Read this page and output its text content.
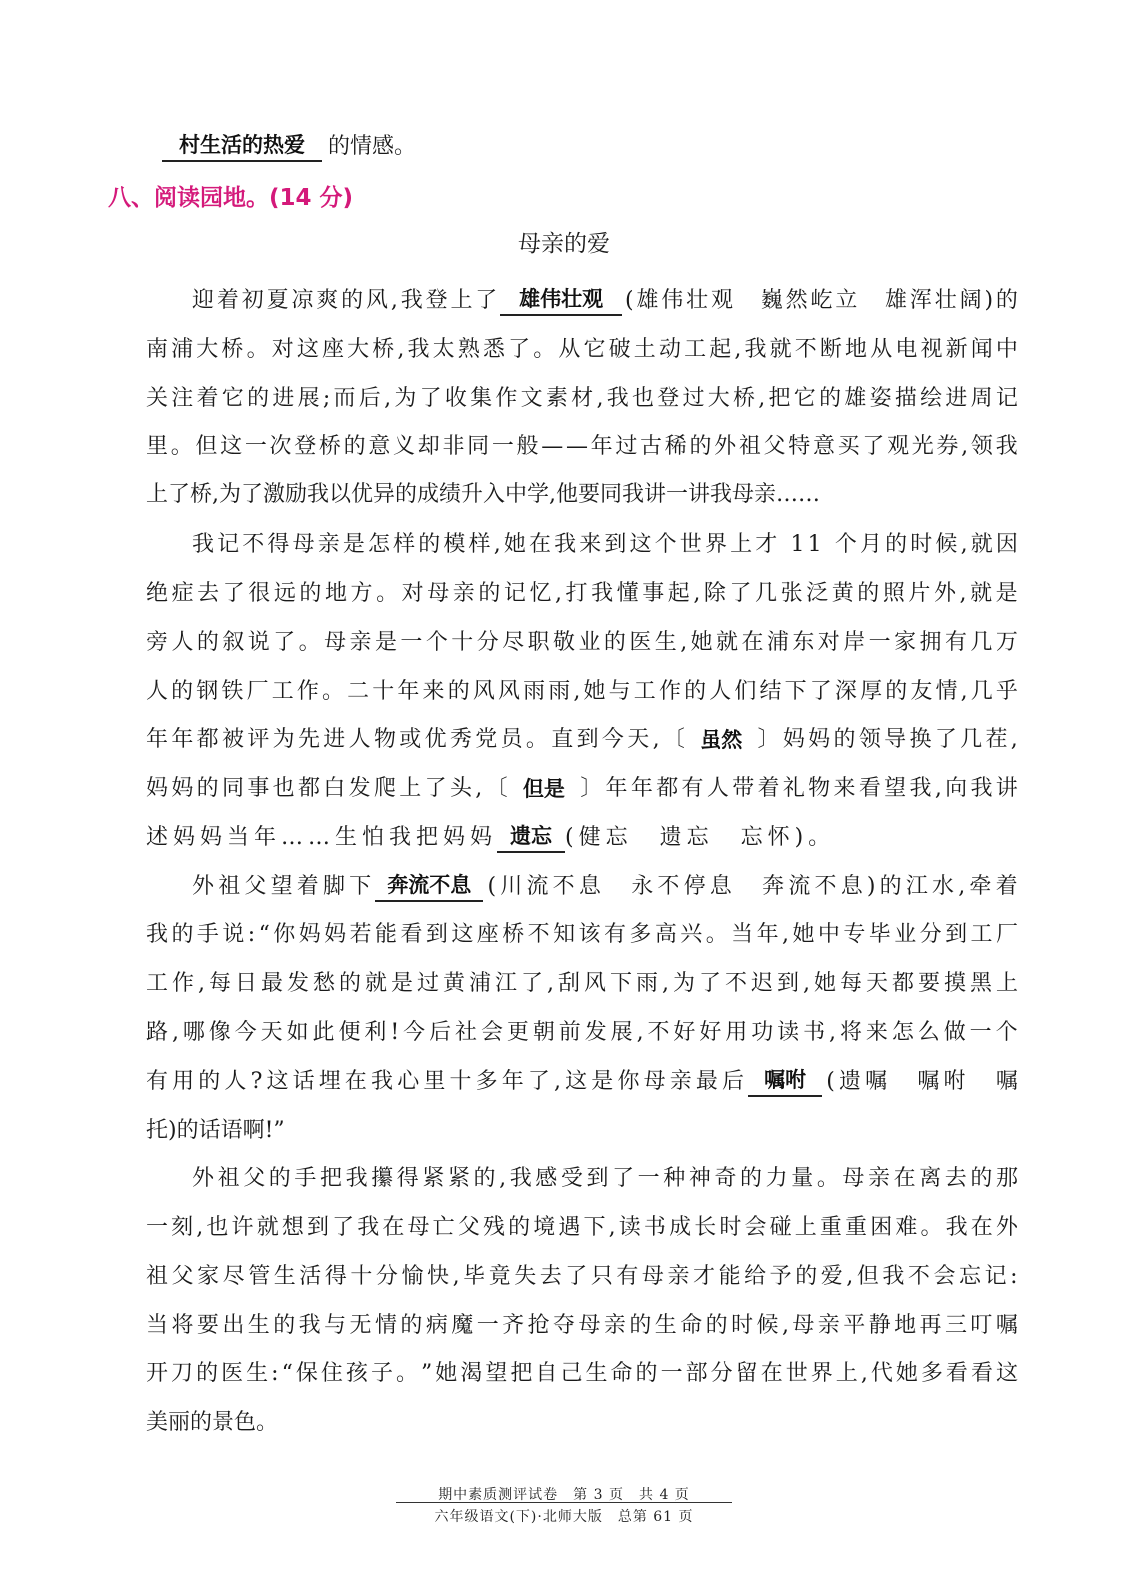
村生活的热爱	的情感。
八、阅读园地。(14 分)
母亲的爱
迎 着 初 夏 凉 爽 的 风 , 我 登 上 了	雄伟壮观 ( 雄 伟 壮 观
　 巍 然 屹 立
　 雄 浑 壮 阔 ) 的
南 浦 大 桥 。 对 这 座 大 桥 , 我 太 熟 悉 了 。 从 它 破 土 动 工 起 , 我 就 不 断 地 从 电 视 新 闻 中
关 注 着 它 的 进 展 ; 而 后 , 为 了 收 集 作 文 素 材 , 我 也 登 过 大 桥 , 把 它 的 雄 姿 描 绘 进 周 记
里 。 但 这 一 次 登 桥 的 意 义 却 非 同 一 般 — — 年 过 古 稀 的 外 祖 父 特 意 买 了 观 光 券 , 领 我
上了桥,为了激励我以优异的成绩升入中学,他要同我讲一讲我母亲……
我 记 不 得 母 亲 是 怎 样 的 模 样 , 她 在 我 来 到 这 个 世 界 上 才
1 1
个 月 的 时 候 , 就 因
绝 症 去 了 很 远 的 地 方 。 对 母 亲 的 记 忆 , 打 我 懂 事 起 , 除 了 几 张 泛 黄 的 照 片 外 , 就 是
旁 人 的 叙 说 了 。 母 亲 是 一 个 十 分 尽 职 敬 业 的 医 生 , 她 就 在 浦 东 对 岸 一 家 拥 有 几 万
人 的 钢 铁 厂 工 作 。 二 十 年 来 的 风 风 雨 雨 , 她 与 工 作 的 人 们 结 下 了 深 厚 的 友 情 , 几 乎
年 年 都 被 评 为 先 进 人 物 或 优 秀 党 员 。 直 到 今 天 , 〔 虽然 〕 妈 妈 的 领 导 换 了 几 茬 ,
妈 妈 的 同 事 也 都 白 发 爬 上 了 头 , 〔 但是 〕 年 年 都 有 人 带 着 礼 物 来 看 望 我 , 向 我 讲
述妈妈当年……生怕我把妈妈 遗忘 (健忘　遗忘　忘怀)。
外 祖 父 望 着 脚 下 奔流不息 ( 川 流 不 息
　 永 不 停 息
　 奔 流 不 息 ) 的 江 水 , 牵 着
我 的 手 说 : “ 你 妈 妈 若 能 看 到 这 座 桥 不 知 该 有 多 高 兴 。 当 年 , 她 中 专 毕 业 分 到 工 厂
工 作 , 每 日 最 发 愁 的 就 是 过 黄 浦 江 了 , 刮 风 下 雨 , 为 了 不 迟 到 , 她 每 天 都 要 摸 黑 上
路 , 哪 像 今 天 如 此 便 利 ! 今 后 社 会 更 朝 前 发 展 , 不 好 好 用 功 读 书 , 将 来 怎 么 做 一 个
有 用 的 人 ? 这 话 埋 在 我 心 里 十 多 年 了 , 这 是 你 母 亲 最 后 嘱咐 ( 遗 嘱
　 嘱 咐
　 嘱
托)的话语啊!”
外 祖 父 的 手 把 我 攥 得 紧 紧 的 , 我 感 受 到 了 一 种 神 奇 的 力 量 。 母 亲 在 离 去 的 那
一 刻 , 也 许 就 想 到 了 我 在 母 亡 父 残 的 境 遇 下 , 读 书 成 长 时 会 碰 上 重 重 困 难 。 我 在 外
祖 父 家 尽 管 生 活 得 十 分 愉 快 , 毕 竟 失 去 了 只 有 母 亲 才 能 给 予 的 爱 , 但 我 不 会 忘 记 :
当 将 要 出 生 的 我 与 无 情 的 病 魔 一 齐 抢 夺 母 亲 的 生 命 的 时 候 , 母 亲 平 静 地 再 三 叮 嘱
开 刀 的 医 生 : “ 保 住 孩 子 。 ” 她 渴 望 把 自 己 生 命 的 一 部 分 留 在 世 界 上 , 代 她 多 看 看 这
美丽的景色。
期中素质测评试卷　第 3 页　共 4 页
六年级语文(下)·北师大版　总第 61 页
